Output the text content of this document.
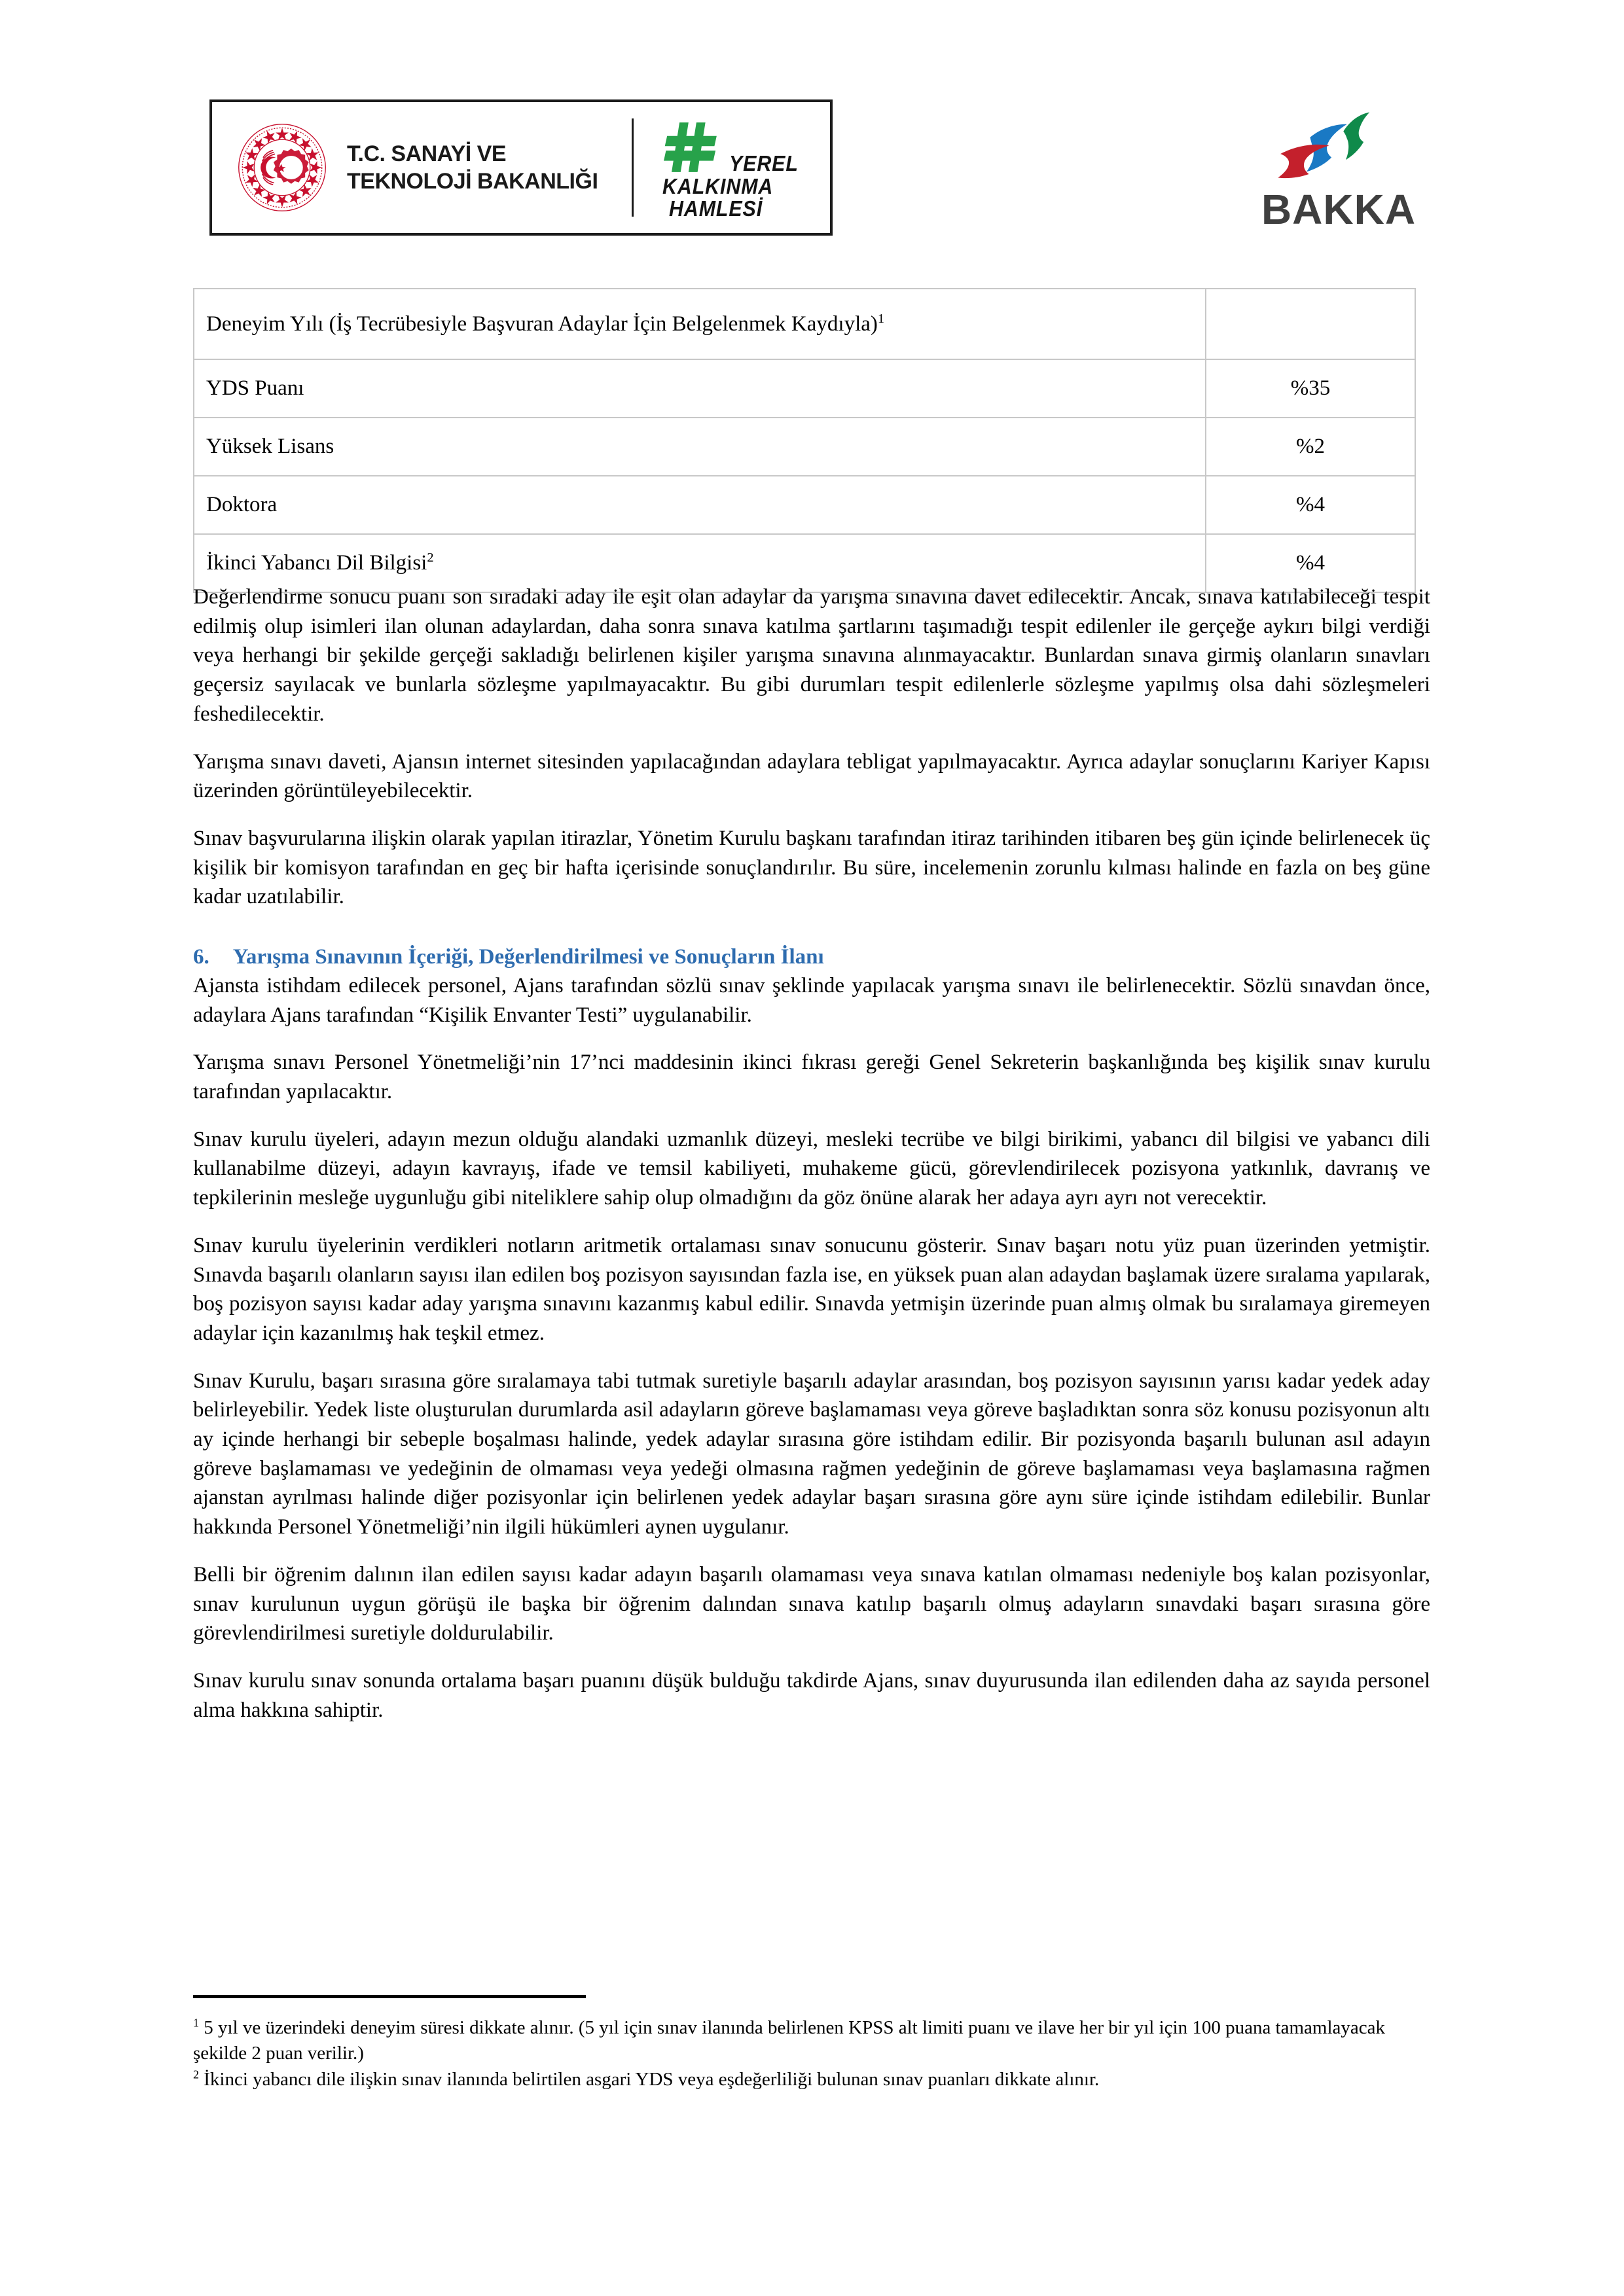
T.C. SANAYİ VE
TEKNOLOJİ BAKANLIĞI
YEREL
KALKINMA
HAMLESİ	BAKKA
Deneyim Yılı (İş Tecrübesiyle Başvuran Adaylar İçin Belgelenmek Kaydıyla)$^1$	
YDS Puanı	%35
Yüksek Lisans	%2
Doktora	%4
İkinci Yabancı Dil Bilgisi$^2$	%4

Değerlendirme sonucu puanı son sıradaki aday ile eşit olan adaylar da yarışma sınavına davet edilecektir. Ancak, sınava katılabileceği tespit edilmiş olup isimleri ilan olunan adaylardan, daha sonra sınava katılma şartlarını taşımadığı tespit edilenler ile gerçeğe aykırı bilgi verdiği veya herhangi bir şekilde gerçeği sakladığı belirlenen kişiler yarışma sınavına alınmayacaktır. Bunlardan sınava girmiş olanların sınavları geçersiz sayılacak ve bunlarla sözleşme yapılmayacaktır. Bu gibi durumları tespit edilenlerle sözleşme yapılmış olsa dahi sözleşmeleri feshedilecektir.

Yarışma sınavı daveti, Ajansın internet sitesinden yapılacağından adaylara tebligat yapılmayacaktır. Ayrıca adaylar sonuçlarını Kariyer Kapısı üzerinden görüntüleyebilecektir.

Sınav başvurularına ilişkin olarak yapılan itirazlar, Yönetim Kurulu başkanı tarafından itiraz tarihinden itibaren beş gün içinde belirlenecek üç kişilik bir komisyon tarafından en geç bir hafta içerisinde sonuçlandırılır. Bu süre, incelemenin zorunlu kılması halinde en fazla on beş güne kadar uzatılabilir.

6. Yarışma Sınavının İçeriği, Değerlendirilmesi ve Sonuçların İlanı

Ajansta istihdam edilecek personel, Ajans tarafından sözlü sınav şeklinde yapılacak yarışma sınavı ile belirlenecektir. Sözlü sınavdan önce, adaylara Ajans tarafından “Kişilik Envanter Testi” uygulanabilir.

Yarışma sınavı Personel Yönetmeliği’nin 17’nci maddesinin ikinci fıkrası gereği Genel Sekreterin başkanlığında beş kişilik sınav kurulu tarafından yapılacaktır.

Sınav kurulu üyeleri, adayın mezun olduğu alandaki uzmanlık düzeyi, mesleki tecrübe ve bilgi birikimi, yabancı dil bilgisi ve yabancı dili kullanabilme düzeyi, adayın kavrayış, ifade ve temsil kabiliyeti, muhakeme gücü, görevlendirilecek pozisyona yatkınlık, davranış ve tepkilerinin mesleğe uygunluğu gibi niteliklere sahip olup olmadığını da göz önüne alarak her adaya ayrı ayrı not verecektir.

Sınav kurulu üyelerinin verdikleri notların aritmetik ortalaması sınav sonucunu gösterir. Sınav başarı notu yüz puan üzerinden yetmiştir. Sınavda başarılı olanların sayısı ilan edilen boş pozisyon sayısından fazla ise, en yüksek puan alan adaydan başlamak üzere sıralama yapılarak, boş pozisyon sayısı kadar aday yarışma sınavını kazanmış kabul edilir. Sınavda yetmişin üzerinde puan almış olmak bu sıralamaya giremeyen adaylar için kazanılmış hak teşkil etmez.

Sınav Kurulu, başarı sırasına göre sıralamaya tabi tutmak suretiyle başarılı adaylar arasından, boş pozisyon sayısının yarısı kadar yedek aday belirleyebilir. Yedek liste oluşturulan durumlarda asil adayların göreve başlamaması veya göreve başladıktan sonra söz konusu pozisyonun altı ay içinde herhangi bir sebeple boşalması halinde, yedek adaylar sırasına göre istihdam edilir. Bir pozisyonda başarılı bulunan asıl adayın göreve başlamaması ve yedeğinin de olmaması veya yedeği olmasına rağmen yedeğinin de göreve başlamaması veya başlamasına rağmen ajanstan ayrılması halinde diğer pozisyonlar için belirlenen yedek adaylar başarı sırasına göre aynı süre içinde istihdam edilebilir. Bunlar hakkında Personel Yönetmeliği’nin ilgili hükümleri aynen uygulanır.

Belli bir öğrenim dalının ilan edilen sayısı kadar adayın başarılı olamaması veya sınava katılan olmaması nedeniyle boş kalan pozisyonlar, sınav kurulunun uygun görüşü ile başka bir öğrenim dalından sınava katılıp başarılı olmuş adayların sınavdaki başarı sırasına göre görevlendirilmesi suretiyle doldurulabilir.

Sınav kurulu sınav sonunda ortalama başarı puanını düşük bulduğu takdirde Ajans, sınav duyurusunda ilan edilenden daha az sayıda personel alma hakkına sahiptir.

$^1$ 5 yıl ve üzerindeki deneyim süresi dikkate alınır. (5 yıl için sınav ilanında belirlenen KPSS alt limiti puanı ve ilave her bir yıl için 100 puana tamamlayacak şekilde 2 puan verilir.)

$^2$ İkinci yabancı dile ilişkin sınav ilanında belirtilen asgari YDS veya eşdeğerliliği bulunan sınav puanları dikkate alınır.
